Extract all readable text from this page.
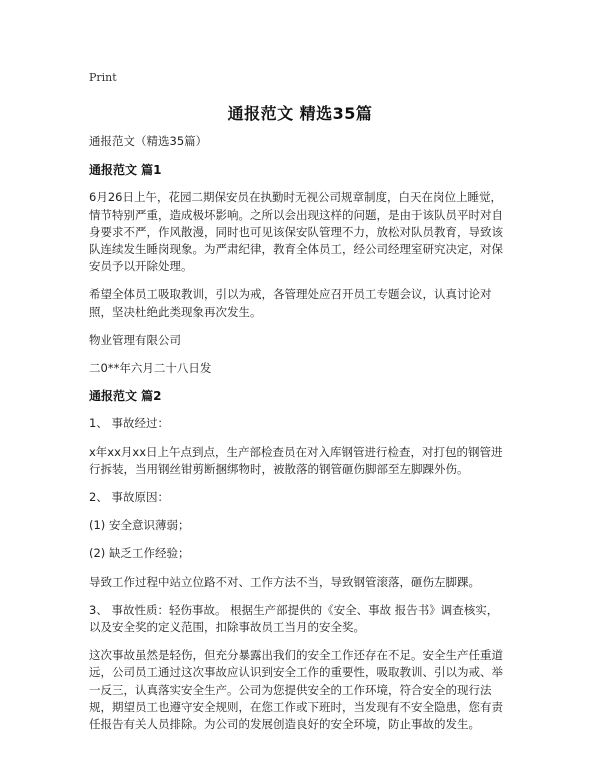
Print
通报范文 精选35篇

通报范文（精选35篇）

通报范文 篇1

6月26日上午，花园二期保安员在执勤时无视公司规章制度，白天在岗位上睡觉，情节特别严重，造成极坏影响。之所以会出现这样的问题，是由于该队员平时对自身要求不严，作风散漫，同时也可见该保安队管理不力，放松对队员教育，导致该队连续发生睡岗现象。为严肃纪律，教育全体员工，经公司经理室研究决定，对保安员予以开除处理。

希望全体员工吸取教训，引以为戒，各管理处应召开员工专题会议，认真讨论对照，坚决杜绝此类现象再次发生。

物业管理有限公司

二0**年六月二十八日发

通报范文 篇2

1、 事故经过：

x年xx月xx日上午点到点，生产部检查员在对入库钢管进行检查，对打包的钢管进行拆装，当用钢丝钳剪断捆绑物时，被散落的钢管砸伤脚部至左脚踝外伤。

2、 事故原因：

(1) 安全意识薄弱；

(2) 缺乏工作经验；

导致工作过程中站立位路不对、工作方法不当，导致钢管滚落，砸伤左脚踝。

3、 事故性质：轻伤事故。 根据生产部提供的《安全、事故 报告书》调查核实，以及安全奖的定义范围，扣除事故员工当月的安全奖。

这次事故虽然是轻伤，但充分暴露出我们的安全工作还存在不足。安全生产任重道远，公司员工通过这次事故应认识到安全工作的重要性，吸取教训、引以为戒、举一反三，认真落实安全生产。公司为您提供安全的工作环境，符合安全的现行法规，期望员工也遵守安全规则，在您工作或下班时，当发现有不安全隐患，您有责任报告有关人员排除。为公司的发展创造良好的安全环境，防止事故的发生。
